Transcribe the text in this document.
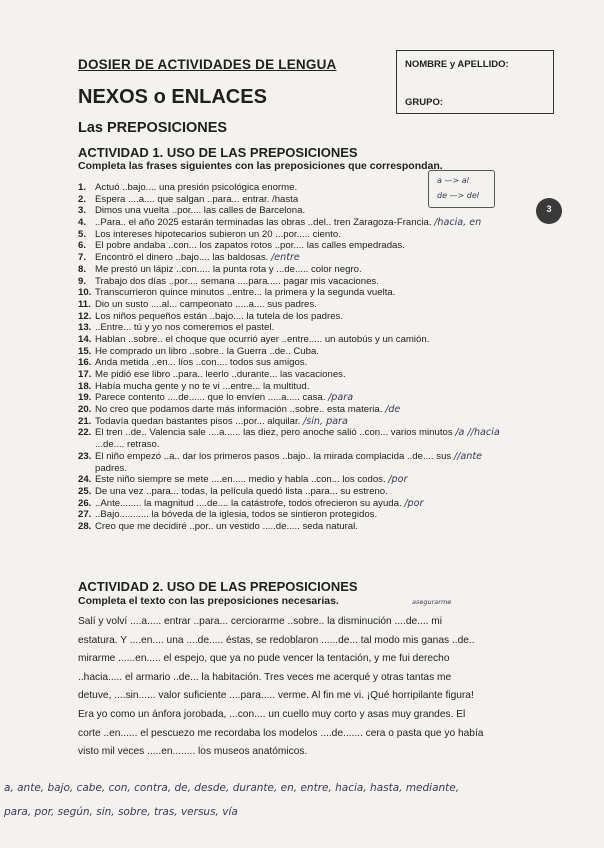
DOSIER DE ACTIVIDADES DE LENGUA
NEXOS o ENLACES
Las PREPOSICIONES
NOMBRE y APELLIDO:
GRUPO:
ACTIVIDAD 1. USO DE LAS PREPOSICIONES
Completa las frases siguientes con las preposiciones que correspondan.
a —> al
de —> del
3
1. Actuó ..bajo.... una presión psicológica enorme.
2. Espera ....a.... que salgan ..para... entrar. /hasta
3. Dimos una vuelta ..por.... las calles de Barcelona.
4. ..Para.. el año 2025 estarán terminadas las obras ..del.. tren Zaragoza-Francia. /hacia, en
5. Los intereses hipotecarios subieron un 20 ...por..... ciento.
6. El pobre andaba ..con... los zapatos rotos ..por.... las calles empedradas.
7. Encontró el dinero ..bajo.... las baldosas. /entre
8. Me prestó un lápiz ..con..... la punta rota y ...de..... color negro.
9. Trabajo dos días ..por.... semana ....para..... pagar mis vacaciones.
10. Transcurrieron quince minutos ..entre... la primera y la segunda vuelta.
11. Dio un susto ....al... campeonato .....a.... sus padres.
12. Los niños pequeños están ..bajo.... la tutela de los padres.
13. ..Entre... tú y yo nos comeremos el pastel.
14. Hablan ..sobre.. el choque que ocurrió ayer ..entre..... un autobús y un camión.
15. He comprado un libro ..sobre.. la Guerra ..de.. Cuba.
16. Anda metida ..en... líos ..con.... todos sus amigos.
17. Me pidió ese libro ..para.. leerlo ..durante... las vacaciones.
18. Había mucha gente y no te vi ...entre... la multitud.
19. Parece contento ....de...... que lo envíen .....a..... casa. /para
20. No creo que podamos darte más información ..sobre.. esta materia. /de
21. Todavía quedan bastantes pisos ...por... alquilar. /sin, para
22. El tren ..de.. Valencia sale ....a...... las diez, pero anoche salió ..con... varios minutos /a //hacia
...de.... retraso.
23. El niño empezó ..a.. dar los primeros pasos ..bajo.. la mirada complacida ..de.... sus //ante
padres.
24. Este niño siempre se mete ....en..... medio y habla ..con... los codos. /por
25. De una vez ..para... todas, la película quedó lista ..para... su estreno.
26. ..Ante........ la magnitud ....de.... la catástrofe, todos ofrecieron su ayuda. /por
27. ..Bajo........... la bóveda de la iglesia, todos se sintieron protegidos.
28. Creo que me decidiré ..por.. un vestido .....de..... seda natural.
ACTIVIDAD 2. USO DE LAS PREPOSICIONES
Completa el texto con las preposiciones necesarias.	asegurarme
Salí y volví ....a..... entrar ..para... cerciorarme ..sobre.. la disminución ....de.... mi
estatura. Y ....en.... una ....de..... éstas, se redoblaron ......de... tal modo mis ganas ..de..
mirarme ......en..... el espejo, que ya no pude vencer la tentación, y me fui derecho
..hacia..... el armario ..de... la habitación. Tres veces me acerqué y otras tantas me
detuve, ....sin...... valor suficiente ....para..... verme. Al fin me vi. ¡Qué horripilante figura!
Era yo como un ánfora jorobada, ...con.... un cuello muy corto y asas muy grandes. El
corte ..en...... el pescuezo me recordaba los modelos ....de....... cera o pasta que yo había
visto mil veces .....en........ los museos anatómicos.
a, ante, bajo, cabe, con, contra, de, desde, durante, en, entre, hacia, hasta, mediante,
para, por, según, sin, sobre, tras, versus, vía
